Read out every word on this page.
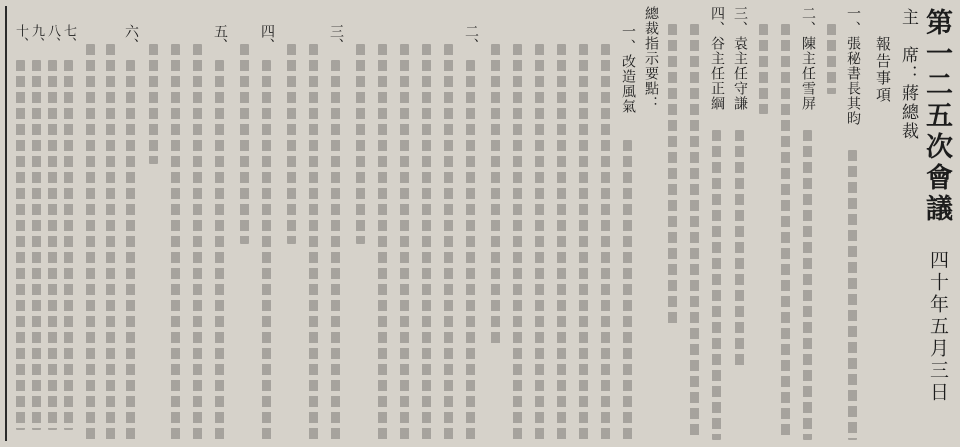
第一二五次會議
四十年五月三日
主　席：蔣總裁
報告事項
一、張秘書長其昀
二、陳主任雪屏
三、袁主任守謙
四、谷主任正綱
總裁指示要點：
一、改造風氣
二、
三、
四、
五、
六、
七、
八、
九、
十、
